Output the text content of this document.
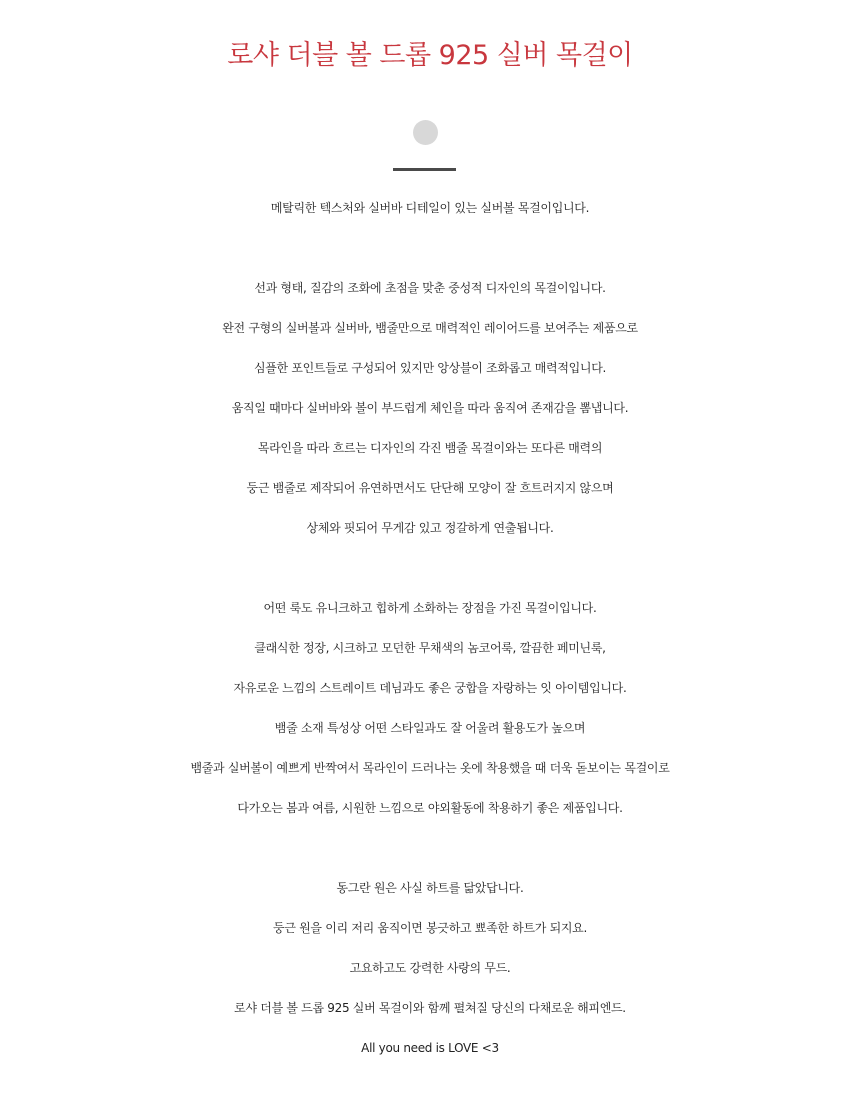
로샤 더블 볼 드롭 925 실버 목걸이
메탈릭한 텍스처와 실버바 디테일이 있는 실버볼 목걸이입니다.
선과 형태, 질감의 조화에 초점을 맞춘 중성적 디자인의 목걸이입니다.
완전 구형의 실버볼과 실버바, 뱀줄만으로 매력적인 레이어드를 보여주는 제품으로
심플한 포인트들로 구성되어 있지만 앙상블이 조화롭고 매력적입니다.
움직일 때마다 실버바와 볼이 부드럽게 체인을 따라 움직여 존재감을 뽐냅니다.
목라인을 따라 흐르는 디자인의 각진 뱀줄 목걸이와는 또다른 매력의
둥근 뱀줄로 제작되어 유연하면서도 단단해 모양이 잘 흐트러지지 않으며
상체와 핏되어 무게감 있고 정갈하게 연출됩니다.
어떤 룩도 유니크하고 힙하게 소화하는 장점을 가진 목걸이입니다.
클래식한 정장, 시크하고 모던한 무채색의 놈코어룩, 깔끔한 페미닌룩,
자유로운 느낌의 스트레이트 데님과도 좋은 궁합을 자랑하는 잇 아이템입니다.
뱀줄 소재 특성상 어떤 스타일과도 잘 어울려 활용도가 높으며
뱀줄과 실버볼이 예쁘게 반짝여서 목라인이 드러나는 옷에 착용했을 때 더욱 돋보이는 목걸이로
다가오는 봄과 여름, 시원한 느낌으로 야외활동에 착용하기 좋은 제품입니다.
동그란 원은 사실 하트를 닮았답니다.
둥근 원을 이리 저리 움직이면 봉긋하고 뾰족한 하트가 되지요.
고요하고도 강력한 사랑의 무드.
로샤 더블 볼 드롭 925 실버 목걸이와 함께 펼쳐질 당신의 다채로운 해피엔드.
All you need is LOVE <3
